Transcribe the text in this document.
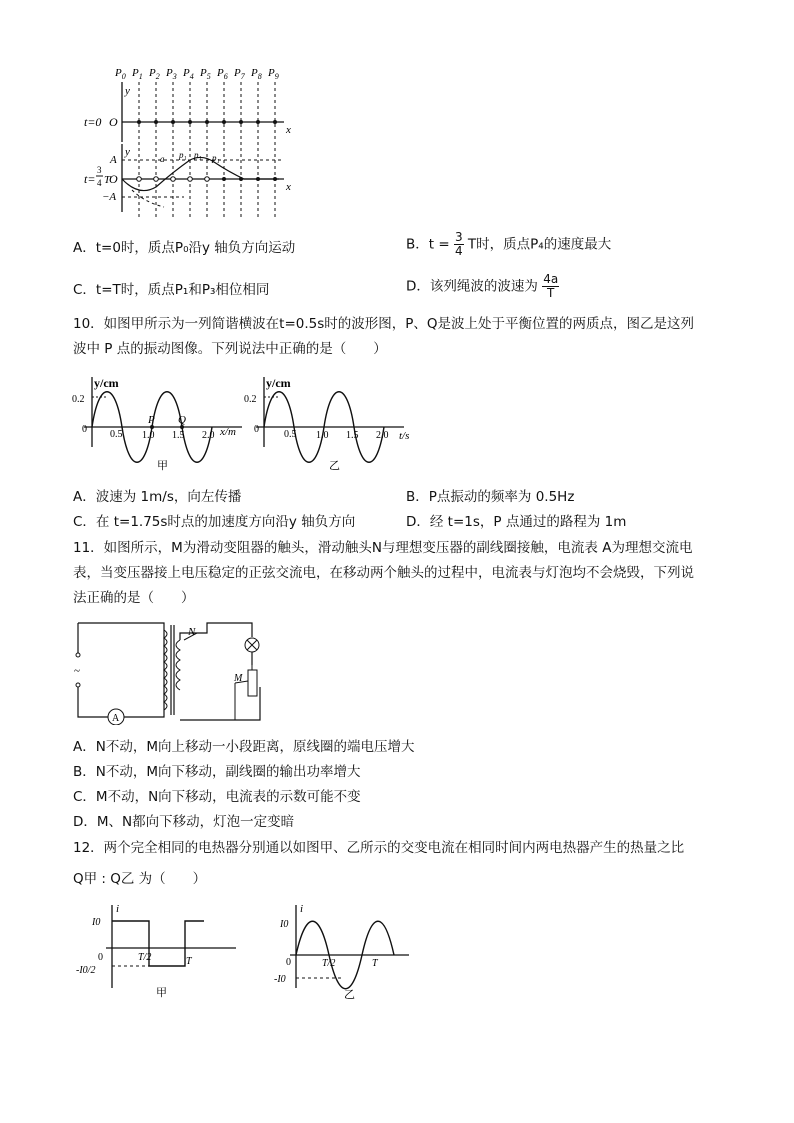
$P_0$ $P_1$ $P_2$ $P_3$ $P_4$ $P_5$ $P_6$ $P_7$ $P_8$ $P_9$
y
x
t=0 O
y
x
A
−A
O
t=
3
4 T
a p₁ p₁ p₁
A．t=0时，质点P₀沿y 轴负方向运动	B．$t = \frac{3}{4}$ T时，质点P₄的速度最大
C．t=T时，质点P₁和P₃相位相同	D．该列绳波的波速为 $\frac{4a}{T}$
10．如图甲所示为一列简谐横波在t=0.5s时的波形图，P、Q是波上处于平衡位置的两质点，图乙是这列
波中 P 点的振动图像。下列说法中正确的是（　　）
y/cm
0.2
0
P Q
0.5 1.0 1.5 2.0 x/m
甲
y/cm
0.2
0	0.5 1.0 1.5 2.0 t/s
乙
A．波速为 1m/s，向左传播	B．P点振动的频率为 0.5Hz
C．在 t=1.75s时点的加速度方向沿y 轴负方向	D．经 t=1s，P 点通过的路程为 1m
11．如图所示，M为滑动变阻器的触头，滑动触头N与理想变压器的副线圈接触，电流表 A为理想交流电
表，当变压器接上电压稳定的正弦交流电，在移动两个触头的过程中，电流表与灯泡均不会烧毁，下列说
法正确的是（　　）
~
A
N
M
A．N不动，M向上移动一小段距离，原线圈的端电压增大
B．N不动，M向下移动，副线圈的输出功率增大
C．M不动，N向下移动，电流表的示数可能不变
D．M、N都向下移动，灯泡一定变暗
12．两个完全相同的电热器分别通以如图甲、乙所示的交变电流在相同时间内两电热器产生的热量之比
Q甲 : Q乙 为（　　）
i
I0
0
-I0/2
T/2	T
甲
i
I0
0
-I0
T/2	T
乙
